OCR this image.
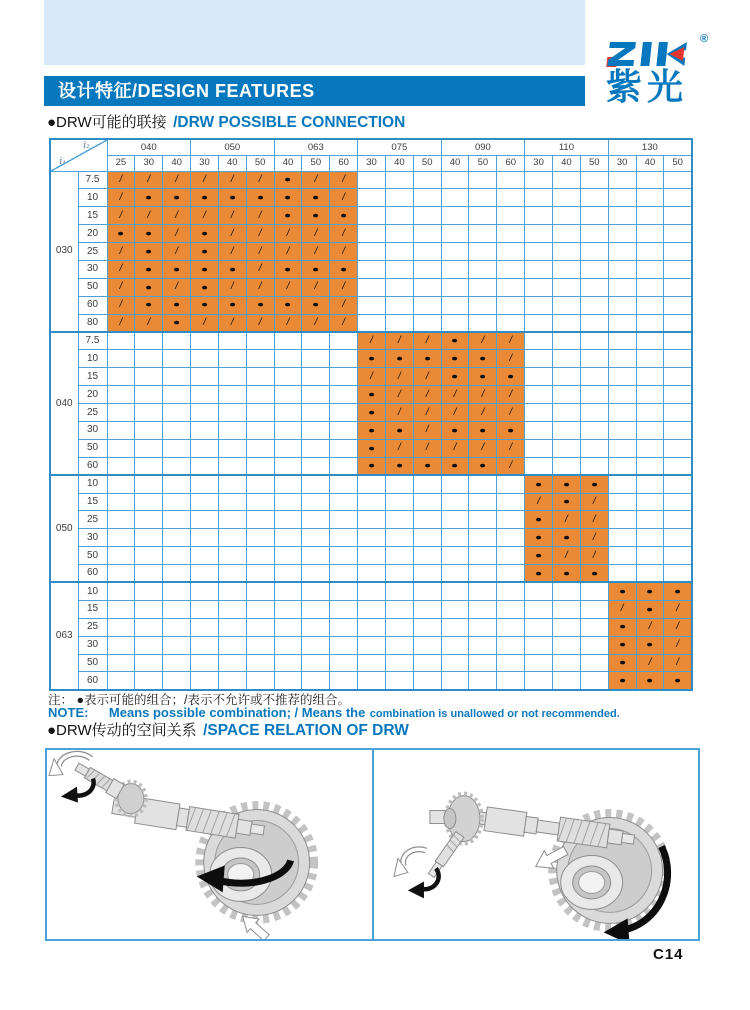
®
紫光
设计特征/DESIGN FEATURES
●DRW可能的联接 /DRW POSSIBLE CONNECTION
i₂
i₁		040			050			063			075			090			110			130		
		25	30	40	30	40	50	40	50	60	30	40	50	40	50	60	30	40	50	30	40	50
030	7.5	/	/	/	/	/	/	●	/	/												
	10	/	●	●	●	●	●	●	●	/												
	15	/	/	/	/	/	/	●	●	●												
	20	●	●	/	●	/	/	/	/	/												
	25	/	●	/	●	/	/	/	/	/												
	30	/	●	●	●	●	/	●	●	●												
	50	/	●	/	●	/	/	/	/	/												
	60	/	●	●	●	●	●	●	●	/												
	80	/	/	●	/	/	/	/	/	/												
040	7.5										/	/	/	●	/	/						
	10										●	●	●	●	●	/						
	15										/	/	/	●	●	●						
	20										●	/	/	/	/	/						
	25										●	/	/	/	/	/						
	30										●	●	/	●	●	●						
	50										●	/	/	/	/	/						
	60										●	●	●	●	●	/						
050	10																●	●	●			
	15																/	●	/			
	25																●	/	/			
	30																●	●	/			
	50																●	/	/			
	60																●	●	●			
063	10																			●	●	●
	15																			/	●	/
	25																			●	/	/
	30																			●	●	/
	50																			●	/	/
	60																			●	●	●
注： ●表示可能的组合；/表示不允许或不推荐的组合。
NOTE: Means possible combination; / Means the combination is unallowed or not recommended.
●DRW传动的空间关系 /SPACE RELATION OF DRW
C14
